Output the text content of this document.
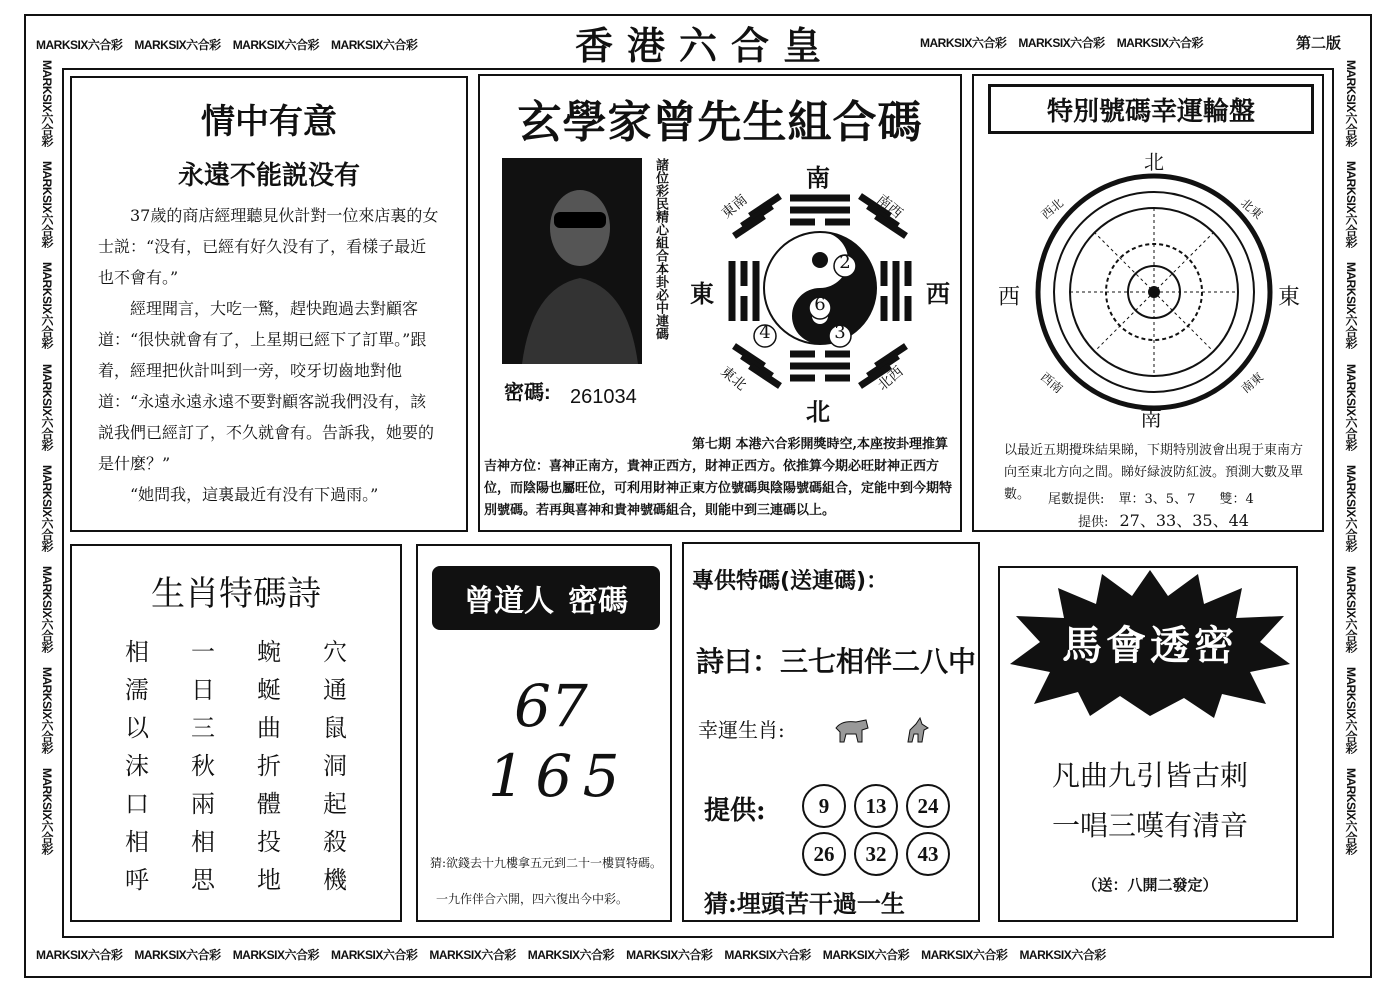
MARKSIX六合彩 MARKSIX六合彩 MARKSIX六合彩 MARKSIX六合彩	MARKSIX六合彩 MARKSIX六合彩 MARKSIX六合彩
MARKSIX六合彩 MARKSIX六合彩 MARKSIX六合彩 MARKSIX六合彩 MARKSIX六合彩 MARKSIX六合彩 MARKSIX六合彩 MARKSIX六合彩 MARKSIX六合彩 MARKSIX六合彩 MARKSIX六合彩
MARKSIX六合彩 MARKSIX六合彩 MARKSIX六合彩 MARKSIX六合彩 MARKSIX六合彩 MARKSIX六合彩 MARKSIX六合彩 MARKSIX六合彩
MARKSIX六合彩 MARKSIX六合彩 MARKSIX六合彩 MARKSIX六合彩 MARKSIX六合彩 MARKSIX六合彩 MARKSIX六合彩 MARKSIX六合彩
香港六合皇	第二版
情中有意
永遠不能説没有

37歲的商店經理聽見伙計對一位來店裏的女士説：“没有，已經有好久没有了，看樣子最近也不會有。”

經理聞言，大吃一驚，趕快跑過去對顧客道：“很快就會有了，上星期已經下了訂單。”跟着，經理把伙計叫到一旁，咬牙切齒地對他道：“永遠永遠永遠不要對顧客説我們没有，該説我們已經訂了，不久就會有。告訴我，她要的是什麼？”

“她問我，這裏最近有没有下過雨。”

玄學家曾先生組合碼
諸位彩民精心組合本卦必中連碼
密碼: 261034
2
6
3
4
南
北
西
東
南西
東南
北西
東北
第七期 本港六合彩開獎時空,本座按卦理推算吉神方位：喜神正南方，貴神正西方，財神正西方。依推算今期必旺財神正西方位，而陰陽也屬旺位，可利用財神正東方位號碼與陰陽號碼組合，定能中到今期特別號碼。若再與喜神和貴神號碼組合，則能中到三連碼以上。
特別號碼幸運輪盤
北
西	東
南
西北	北東
西南	南東
以最近五期攪珠結果睇，下期特別波會出現于東南方向至東北方向之間。睇好緑波防紅波。預測大數及單數。	尾數提供: 單：3、5、7 雙：4
提供: 27、33、35、44
生肖特碼詩
相	一	蜿	穴
濡	日	蜒	通
以	三	曲	鼠
沫	秋	折	洞
口	兩	體	起
相	相	投	殺
呼	思	地	機
曾道人 密碼
67
1 6 5
猜:欲錢去十九樓拿五元到二十一樓買特碼。
一九作伴合六開，四六復出今中彩。
專供特碼(送連碼)：
詩曰：三七相伴二八中
幸運生肖:
提供:	9 13 24
26 32 43
猜:埋頭苦干過一生
馬會透密
凡曲九引皆古刺
一唱三嘆有清音
（送：八開二發定）
